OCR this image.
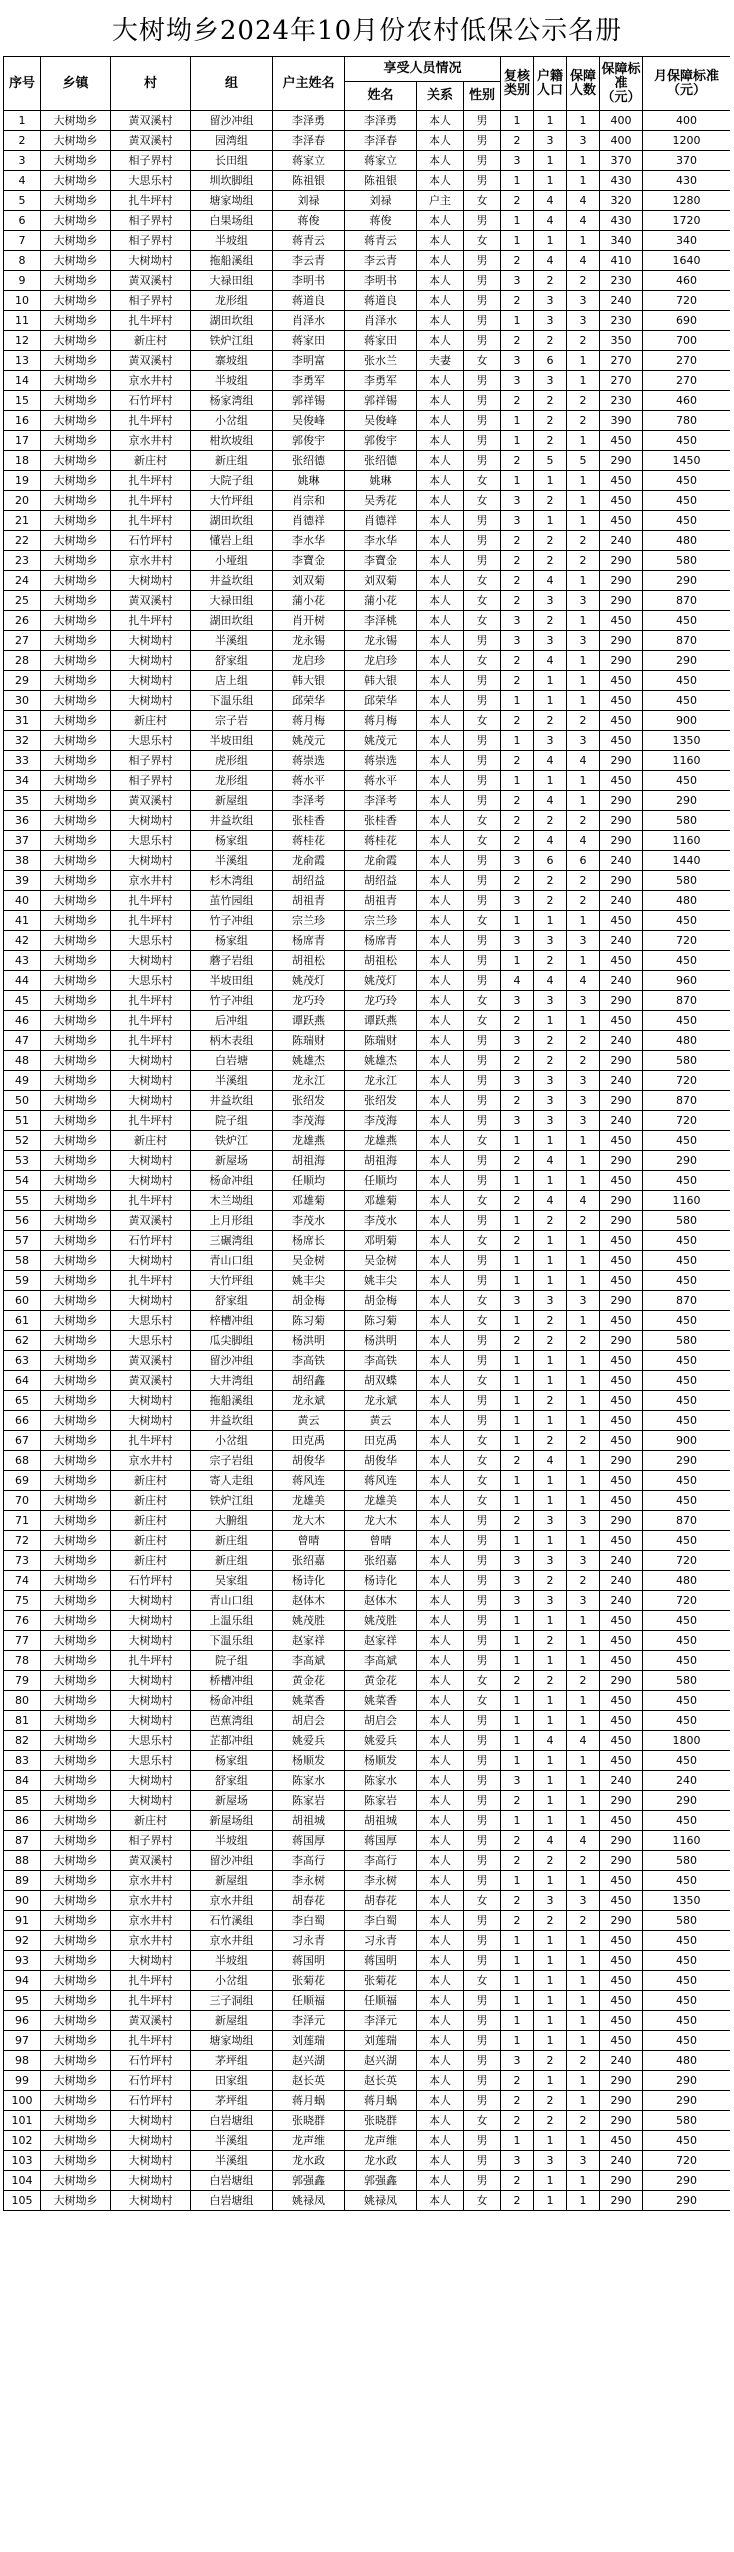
大树坳乡2024年10月份农村低保公示名册
序号	乡镇	村	组	户主姓名	享受人员情况			复核类别	户籍人口	保障人数	保障标准（元）	月保障标准（元）
					姓名	关系	性别					
1	大树坳乡	黄双溪村	留沙冲组	李泽勇	李泽勇	本人	男	1	1	1	400	400
2	大树坳乡	黄双溪村	园湾组	李泽春	李泽春	本人	男	2	3	3	400	1200
3	大树坳乡	相子界村	长田组	蒋家立	蒋家立	本人	男	3	1	1	370	370
4	大树坳乡	大思乐村	圳坎脚组	陈祖银	陈祖银	本人	男	1	1	1	430	430
5	大树坳乡	扎牛坪村	塘家坳组	刘禄	刘禄	户主	女	2	4	4	320	1280
6	大树坳乡	相子界村	白果场组	蒋俊	蒋俊	本人	男	1	4	4	430	1720
7	大树坳乡	相子界村	半坡组	蒋青云	蒋青云	本人	女	1	1	1	340	340
8	大树坳乡	大树坳村	拖船溪组	李云青	李云青	本人	男	2	4	4	410	1640
9	大树坳乡	黄双溪村	大禄田组	李明书	李明书	本人	男	3	2	2	230	460
10	大树坳乡	相子界村	龙形组	蒋道良	蒋道良	本人	男	2	3	3	240	720
11	大树坳乡	扎牛坪村	湖田坎组	肖泽水	肖泽水	本人	男	1	3	3	230	690
12	大树坳乡	新庄村	铁炉江组	蒋家田	蒋家田	本人	男	2	2	2	350	700
13	大树坳乡	黄双溪村	寨坡组	李明富	张水兰	夫妻	女	3	6	1	270	270
14	大树坳乡	京水井村	半坡组	李勇军	李勇军	本人	男	3	3	1	270	270
15	大树坳乡	石竹坪村	杨家湾组	郭祥锡	郭祥锡	本人	男	2	2	2	230	460
16	大树坳乡	扎牛坪村	小岔组	吴俊峰	吴俊峰	本人	男	1	2	2	390	780
17	大树坳乡	京水井村	柑坎坡组	郭俊宇	郭俊宇	本人	男	1	2	1	450	450
18	大树坳乡	新庄村	新庄组	张绍德	张绍德	本人	男	2	5	5	290	1450
19	大树坳乡	扎牛坪村	大院子组	姚琳	姚琳	本人	女	1	1	1	450	450
20	大树坳乡	扎牛坪村	大竹坪组	肖宗和	吴秀花	本人	女	3	2	1	450	450
21	大树坳乡	扎牛坪村	湖田坎组	肖德祥	肖德祥	本人	男	3	1	1	450	450
22	大树坳乡	石竹坪村	懂岩上组	李水华	李水华	本人	男	2	2	2	240	480
23	大树坳乡	京水井村	小垭组	李寶金	李寶金	本人	男	2	2	2	290	580
24	大树坳乡	大树坳村	井益坎组	刘双菊	刘双菊	本人	女	2	4	1	290	290
25	大树坳乡	黄双溪村	大禄田组	蒲小花	蒲小花	本人	女	2	3	3	290	870
26	大树坳乡	扎牛坪村	湖田坎组	肖开树	李泽桃	本人	女	3	2	1	450	450
27	大树坳乡	大树坳村	半溪组	龙永锡	龙永锡	本人	男	3	3	3	290	870
28	大树坳乡	大树坳村	舒家组	龙启珍	龙启珍	本人	女	2	4	1	290	290
29	大树坳乡	大树坳村	店上组	韩大银	韩大银	本人	男	2	1	1	450	450
30	大树坳乡	大树坳村	下温乐组	邱荣华	邱荣华	本人	男	1	1	1	450	450
31	大树坳乡	新庄村	宗子岩	蒋月梅	蒋月梅	本人	女	2	2	2	450	900
32	大树坳乡	大思乐村	半坡田组	姚茂元	姚茂元	本人	男	1	3	3	450	1350
33	大树坳乡	相子界村	虎形组	蒋崇选	蒋崇选	本人	男	2	4	4	290	1160
34	大树坳乡	相子界村	龙形组	蒋水平	蒋水平	本人	男	1	1	1	450	450
35	大树坳乡	黄双溪村	新屋组	李泽考	李泽考	本人	男	2	4	1	290	290
36	大树坳乡	大树坳村	井益坎组	张桂香	张桂香	本人	女	2	2	2	290	580
37	大树坳乡	大思乐村	杨家组	蒋桂花	蒋桂花	本人	女	2	4	4	290	1160
38	大树坳乡	大树坳村	半溪组	龙俞霞	龙俞霞	本人	男	3	6	6	240	1440
39	大树坳乡	京水井村	杉木湾组	胡绍益	胡绍益	本人	男	2	2	2	290	580
40	大树坳乡	扎牛坪村	茧竹园组	胡祖青	胡祖青	本人	男	3	2	2	240	480
41	大树坳乡	扎牛坪村	竹子冲组	宗兰珍	宗兰珍	本人	女	1	1	1	450	450
42	大树坳乡	大思乐村	杨家组	杨席青	杨席青	本人	男	3	3	3	240	720
43	大树坳乡	大树坳村	蘑子岩组	胡祖松	胡祖松	本人	男	1	2	1	450	450
44	大树坳乡	大思乐村	半坡田组	姚茂灯	姚茂灯	本人	男	4	4	4	240	960
45	大树坳乡	扎牛坪村	竹子冲组	龙巧玲	龙巧玲	本人	女	3	3	3	290	870
46	大树坳乡	扎牛坪村	后冲组	谭跃燕	谭跃燕	本人	女	2	1	1	450	450
47	大树坳乡	扎牛坪村	柄木表组	陈瑞财	陈瑞财	本人	男	3	2	2	240	480
48	大树坳乡	大树坳村	白岩塘	姚雄杰	姚雄杰	本人	男	2	2	2	290	580
49	大树坳乡	大树坳村	半溪组	龙永江	龙永江	本人	男	3	3	3	240	720
50	大树坳乡	大树坳村	井益坎组	张绍发	张绍发	本人	男	2	3	3	290	870
51	大树坳乡	扎牛坪村	院子组	李茂海	李茂海	本人	男	3	3	3	240	720
52	大树坳乡	新庄村	铁炉江	龙雄燕	龙雄燕	本人	女	1	1	1	450	450
53	大树坳乡	大树坳村	新屋场	胡祖海	胡祖海	本人	男	2	4	1	290	290
54	大树坳乡	大树坳村	杨命冲组	任顺均	任顺均	本人	男	1	1	1	450	450
55	大树坳乡	扎牛坪村	木兰坳组	邓雄菊	邓雄菊	本人	女	2	4	4	290	1160
56	大树坳乡	黄双溪村	上月形组	李茂水	李茂水	本人	男	1	2	2	290	580
57	大树坳乡	石竹坪村	三碾湾组	杨席长	邓明菊	本人	女	2	1	1	450	450
58	大树坳乡	大树坳村	青山口组	吴金树	吴金树	本人	男	1	1	1	450	450
59	大树坳乡	扎牛坪村	大竹坪组	姚丰尖	姚丰尖	本人	男	1	1	1	450	450
60	大树坳乡	大树坳村	舒家组	胡金梅	胡金梅	本人	女	3	3	3	290	870
61	大树坳乡	大思乐村	梓槽冲组	陈习菊	陈习菊	本人	女	1	2	1	450	450
62	大树坳乡	大思乐村	瓜尖脚组	杨洪明	杨洪明	本人	男	2	2	2	290	580
63	大树坳乡	黄双溪村	留沙冲组	李高铁	李高铁	本人	男	1	1	1	450	450
64	大树坳乡	黄双溪村	大井湾组	胡绍鑫	胡双蝶	本人	女	1	1	1	450	450
65	大树坳乡	大树坳村	拖船溪组	龙永斌	龙永斌	本人	男	1	2	1	450	450
66	大树坳乡	大树坳村	井益坎组	黄云	黄云	本人	男	1	1	1	450	450
67	大树坳乡	扎牛坪村	小岔组	田克禹	田克禹	本人	女	1	2	2	450	900
68	大树坳乡	京水井村	宗子岩组	胡俊华	胡俊华	本人	女	2	4	1	290	290
69	大树坳乡	新庄村	寄人走组	蒋风连	蒋风连	本人	女	1	1	1	450	450
70	大树坳乡	新庄村	铁炉江组	龙雄美	龙雄美	本人	女	1	1	1	450	450
71	大树坳乡	新庄村	大腑组	龙大木	龙大木	本人	男	2	3	3	290	870
72	大树坳乡	新庄村	新庄组	曾晴	曾晴	本人	男	1	1	1	450	450
73	大树坳乡	新庄村	新庄组	张绍嘉	张绍嘉	本人	男	3	3	3	240	720
74	大树坳乡	石竹坪村	吴家组	杨诗化	杨诗化	本人	男	3	2	2	240	480
75	大树坳乡	大树坳村	青山口组	赵体木	赵体木	本人	男	3	3	3	240	720
76	大树坳乡	大树坳村	上温乐组	姚茂胜	姚茂胜	本人	男	1	1	1	450	450
77	大树坳乡	大树坳村	下温乐组	赵家祥	赵家祥	本人	男	1	2	1	450	450
78	大树坳乡	扎牛坪村	院子组	李高斌	李高斌	本人	男	1	1	1	450	450
79	大树坳乡	大树坳村	桥槽冲组	黄金花	黄金花	本人	女	2	2	2	290	580
80	大树坳乡	大树坳村	杨命冲组	姚菜香	姚菜香	本人	女	1	1	1	450	450
81	大树坳乡	大树坳村	芭蕉湾组	胡启会	胡启会	本人	男	1	1	1	450	450
82	大树坳乡	大思乐村	芷都冲组	姚爱兵	姚爱兵	本人	男	1	4	4	450	1800
83	大树坳乡	大思乐村	杨家组	杨顺发	杨顺发	本人	男	1	1	1	450	450
84	大树坳乡	大树坳村	舒家组	陈家水	陈家水	本人	男	3	1	1	240	240
85	大树坳乡	大树坳村	新屋场	陈家岩	陈家岩	本人	男	2	1	1	290	290
86	大树坳乡	新庄村	新屋场组	胡祖城	胡祖城	本人	男	1	1	1	450	450
87	大树坳乡	相子界村	半坡组	蒋国厚	蒋国厚	本人	男	2	4	4	290	1160
88	大树坳乡	黄双溪村	留沙冲组	李高行	李高行	本人	男	2	2	2	290	580
89	大树坳乡	京水井村	新屋组	李永树	李永树	本人	男	1	1	1	450	450
90	大树坳乡	京水井村	京水井组	胡春花	胡春花	本人	女	2	3	3	450	1350
91	大树坳乡	京水井村	石竹溪组	李白蜀	李白蜀	本人	男	2	2	2	290	580
92	大树坳乡	京水井村	京水井组	习永青	习永青	本人	男	1	1	1	450	450
93	大树坳乡	大树坳村	半坡组	蒋国明	蒋国明	本人	男	1	1	1	450	450
94	大树坳乡	扎牛坪村	小岔组	张菊花	张菊花	本人	女	1	1	1	450	450
95	大树坳乡	扎牛坪村	三子洞组	任顺福	任顺福	本人	男	1	1	1	450	450
96	大树坳乡	黄双溪村	新屋组	李泽元	李泽元	本人	男	1	1	1	450	450
97	大树坳乡	扎牛坪村	塘家坳组	刘莲瑞	刘莲瑞	本人	男	1	1	1	450	450
98	大树坳乡	石竹坪村	茅坪组	赵兴湖	赵兴湖	本人	男	3	2	2	240	480
99	大树坳乡	石竹坪村	田家组	赵长英	赵长英	本人	男	2	1	1	290	290
100	大树坳乡	石竹坪村	茅坪组	蒋月蜗	蒋月蜗	本人	男	2	2	1	290	290
101	大树坳乡	大树坳村	白岩塘组	张晓群	张晓群	本人	女	2	2	2	290	580
102	大树坳乡	大树坳村	半溪组	龙声维	龙声维	本人	男	1	1	1	450	450
103	大树坳乡	大树坳村	半溪组	龙水政	龙水政	本人	男	3	3	3	240	720
104	大树坳乡	大树坳村	白岩塘组	郭强鑫	郭强鑫	本人	男	2	1	1	290	290
105	大树坳乡	大树坳村	白岩塘组	姚禄凤	姚禄凤	本人	女	2	1	1	290	290
